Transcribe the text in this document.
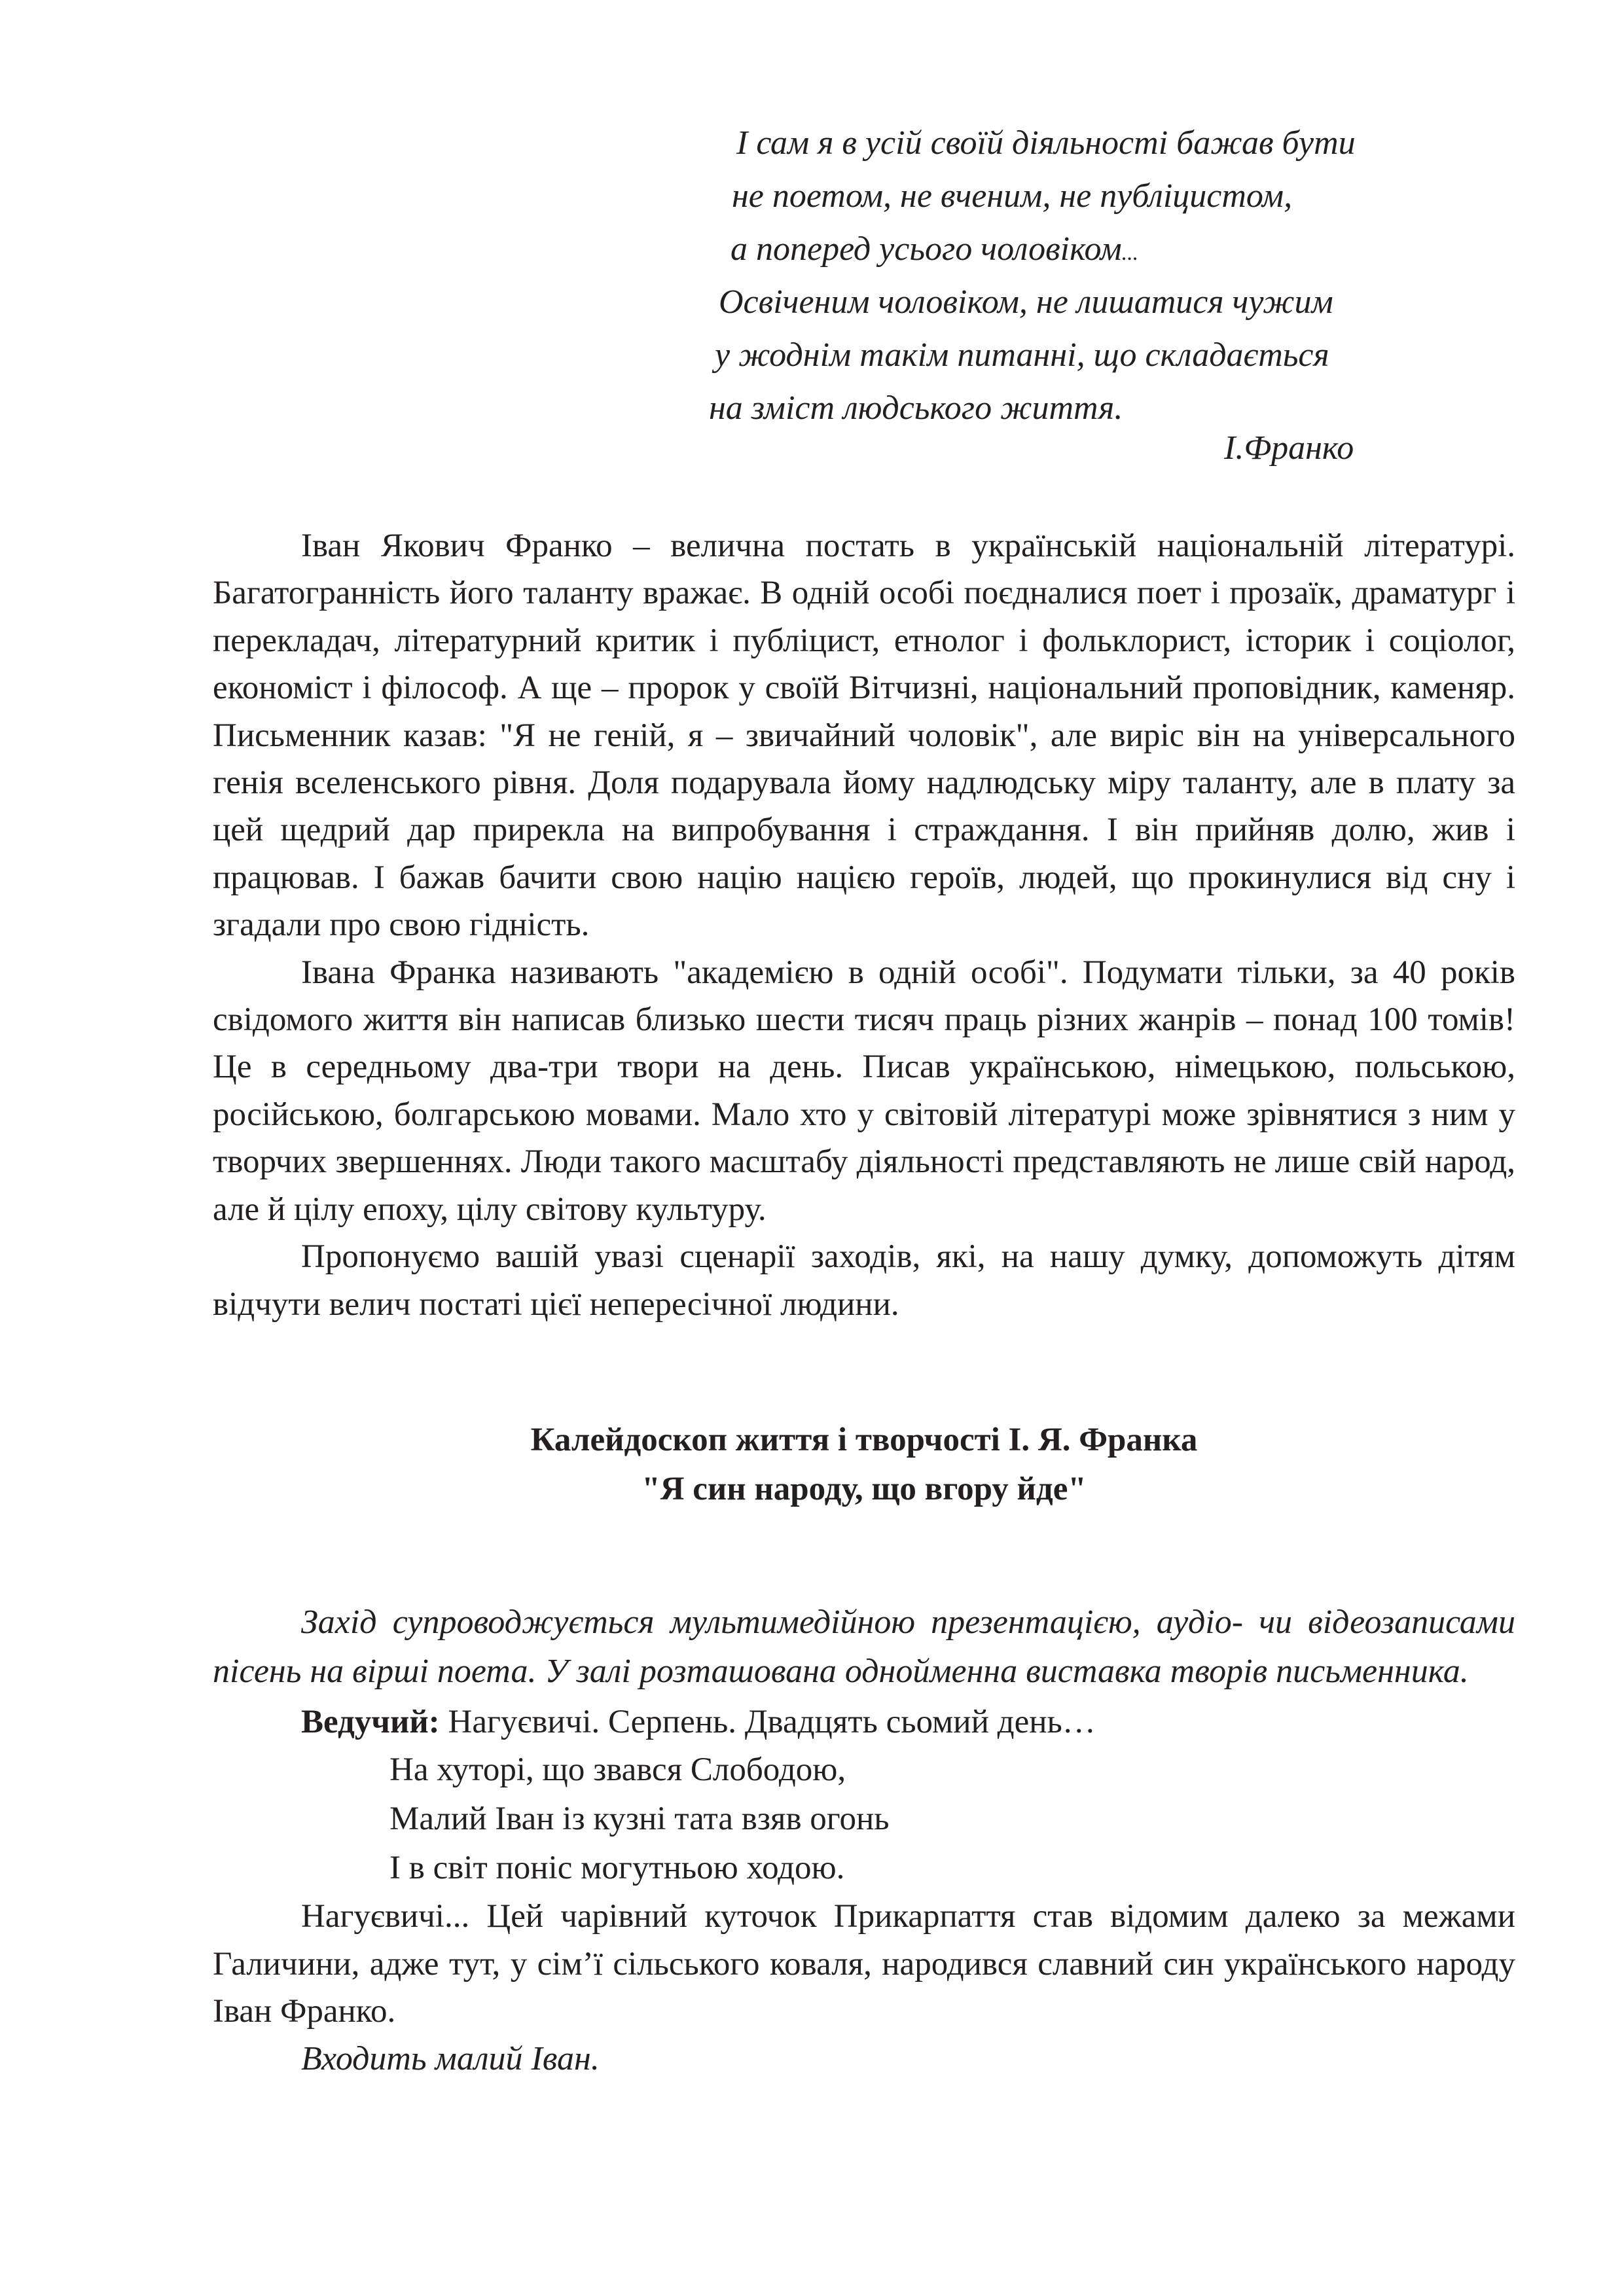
І сам я в усій своїй діяльності бажав бути
не поетом, не вченим, не публіцистом,
а поперед усього чоловіком...
Освіченим чоловіком, не лишатися чужим
у жоднім такім питанні, що складається
на зміст людського життя.
І.Франко

Іван Якович Франко – велична постать в українській національній літературі. Багатогранність його таланту вражає. В одній особі поєдналися поет і прозаїк, драматург і перекладач, літературний критик і публіцист, етнолог і фольклорист, історик і соціолог, економіст і філософ. А ще – пророк у своїй Вітчизні, національний проповідник, каменяр. Письменник казав: "Я не геній, я – звичайний чоловік", але виріс він на універсального генія вселенського рівня. Доля подарувала йому надлюдську міру таланту, але в плату за цей щедрий дар прирекла на випробування і страждання. І він прийняв долю, жив і працював. І бажав бачити свою націю нацією героїв, людей, що прокинулися від сну і згадали про свою гідність.

Івана Франка називають "академією в одній особі". Подумати тільки, за 40 років свідомого життя він написав близько шести тисяч праць різних жанрів – понад 100 томів! Це в середньому два-три твори на день. Писав українською, німецькою, польською, російською, болгарською мовами. Мало хто у світовій літературі може зрівнятися з ним у творчих звершеннях. Люди такого масштабу діяльності представляють не лише свій народ, але й цілу епоху, цілу світову культуру.

Пропонуємо вашій увазі сценарії заходів, які, на нашу думку, допоможуть дітям відчути велич постаті цієї непересічної людини.

Калейдоскоп життя і творчості І. Я. Франка
"Я син народу, що вгору йде"

Захід супроводжується мультимедійною презентацією, аудіо- чи відеозаписами пісень на вірші поета. У залі розташована однойменна виставка творів письменника.

Ведучий: Нагуєвичі. Серпень. Двадцять сьомий день…

На хуторі, що звався Слободою,
Малий Іван із кузні тата взяв огонь
І в світ поніс могутньою ходою.

Нагуєвичі... Цей чарівний куточок Прикарпаття став відомим далеко за межами Галичини, адже тут, у сім’ї сільського коваля, народився славний син українського народу Іван Франко.

Входить малий Іван.
